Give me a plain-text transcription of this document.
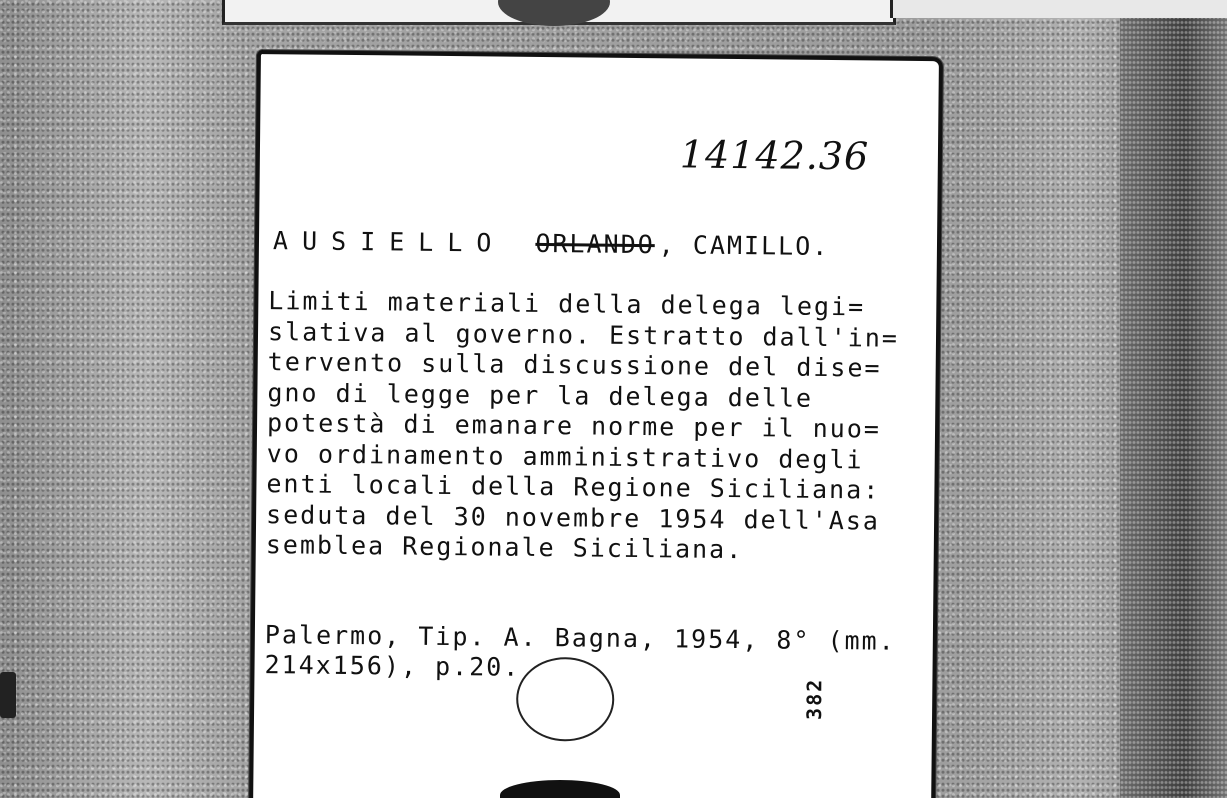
14142.36
AUSIELLO ORLANDO , CAMILLO.
Limiti materiali della delega legi=
slativa al governo. Estratto dall'in=
tervento sulla discussione del dise=
gno di legge per la delega delle
potestà di emanare norme per il nuo=
vo ordinamento amministrativo degli
enti locali della Regione Siciliana:
seduta del 30 novembre 1954 dell'Asa
semblea Regionale Siciliana.
Palermo, Tip. A. Bagna, 1954, 8° (mm.
214x156), p.20.
382
